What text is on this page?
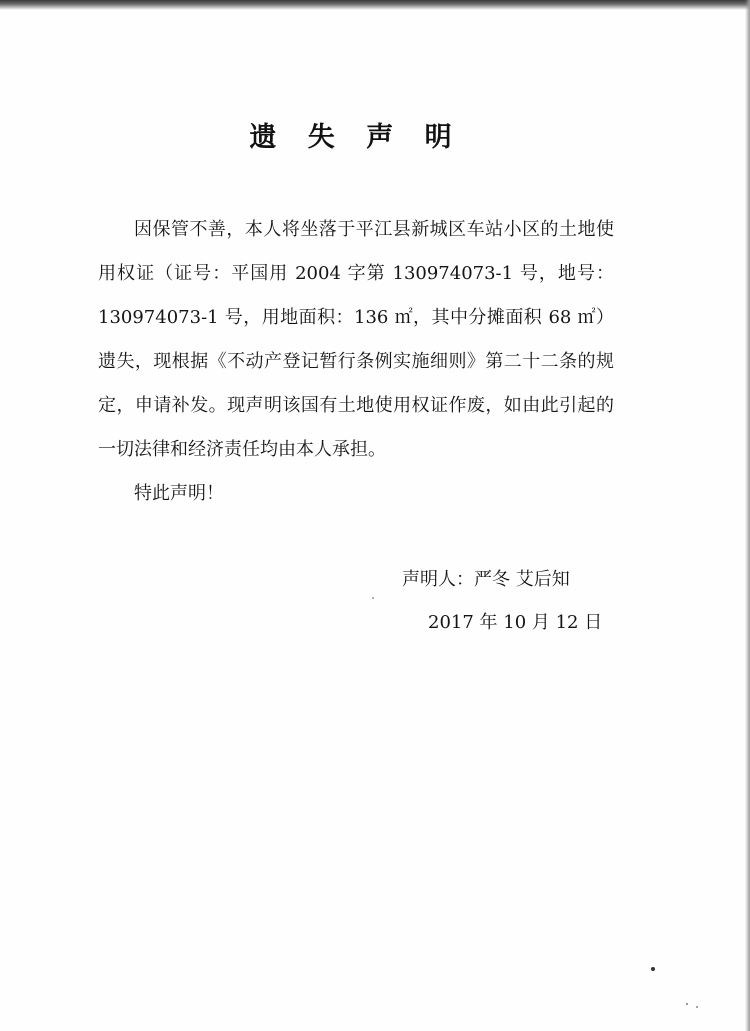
遗 失 声 明

因保管不善，本人将坐落于平江县新城区车站小区的土地使用权证（证号：平国用 2004 字第 130974073-1 号，地号：130974073-1 号，用地面积：136 ㎡，其中分摊面积 68 ㎡）遗失，现根据《不动产登记暂行条例实施细则》第二十二条的规定，申请补发。现声明该国有土地使用权证作废，如由此引起的一切法律和经济责任均由本人承担。

特此声明！

声明人：严冬 艾后知
2017 年 10 月 12 日
